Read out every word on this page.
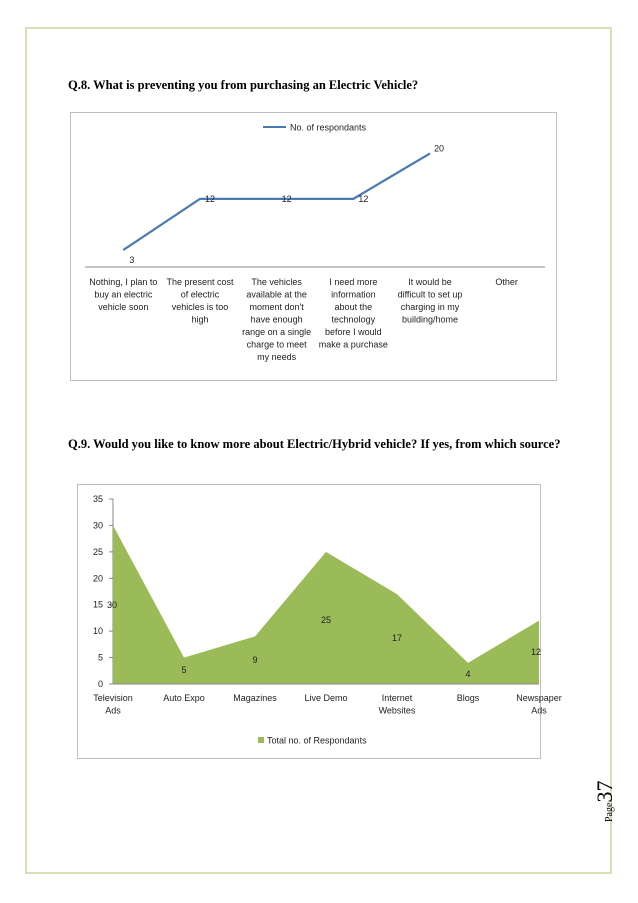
Q.8. What is preventing you from purchasing an Electric Vehicle?
No. of respondants
3
12	12	12
20
Nothing, I plan to
buy an electric
vehicle soon
The present cost
of electric
vehicles is too
high
The vehicles
available at the
moment don't
have enough
range on a single
charge to meet
my needs
I need more
information
about the
technology
before I would
make a purchase
It would be
difficult to set up
charging in my
building/home
Other
Q.9. Would you like to know more about Electric/Hybrid vehicle? If yes, from which source?
0
5
10
15
20
25
30
35
30
5
9
25
17
4
12
Television
Ads
Auto Expo	Magazines	Live Demo	Internet
Websites
Blogs	Newspaper
Ads
Total no. of Respondants
Page37
